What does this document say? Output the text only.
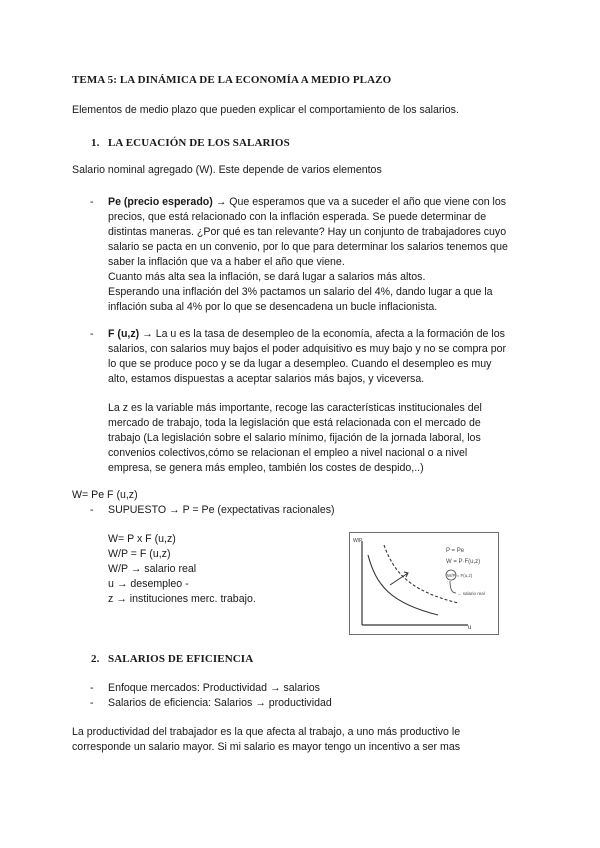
TEMA 5: LA DINÁMICA DE LA ECONOMÍA A MEDIO PLAZO
Elementos de medio plazo que pueden explicar el comportamiento de los salarios.
1. LA ECUACIÓN DE LOS SALARIOS
Salario nominal agregado (W). Este depende de varios elementos
- Pe (precio esperado) → Que esperamos que va a suceder el año que viene con los
precios, que está relacionado con la inflación esperada. Se puede determinar de
distintas maneras. ¿Por qué es tan relevante? Hay un conjunto de trabajadores cuyo
salario se pacta en un convenio, por lo que para determinar los salarios tenemos que
saber la inflación que va a haber el año que viene.
Cuanto más alta sea la inflación, se dará lugar a salarios más altos.
Esperando una inflación del 3% pactamos un salario del 4%, dando lugar a que la
inflación suba al 4% por lo que se desencadena un bucle inflacionista.
- F (u,z) → La u es la tasa de desempleo de la economía, afecta a la formación de los
salarios, con salarios muy bajos el poder adquisitivo es muy bajo y no se compra por
lo que se produce poco y se da lugar a desempleo. Cuando el desempleo es muy
alto, estamos dispuestas a aceptar salarios más bajos, y viceversa.
La z es la variable más importante, recoge las características institucionales del
mercado de trabajo, toda la legislación que está relacionada con el mercado de
trabajo (La legislación sobre el salario mínimo, fijación de la jornada laboral, los
convenios colectivos,cómo se relacionan el empleo a nivel nacional o a nivel
empresa, se genera más empleo, también los costes de despido,..)
W= Pe F (u,z)
- SUPUESTO → P = Pe (expectativas racionales)
W= P x F (u,z)
W/P = F (u,z)
W/P → salario real
u → desempleo -
z → instituciones merc. trabajo.
W/P
u
P = Pe
W = P·F(u,z)
W/P = F(u,z)
→ salario real
2. SALARIOS DE EFICIENCIA
- Enfoque mercados: Productividad → salarios
- Salarios de eficiencia: Salarios → productividad
La productividad del trabajador es la que afecta al trabajo, a uno más productivo le
corresponde un salario mayor. Si mi salario es mayor tengo un incentivo a ser mas
